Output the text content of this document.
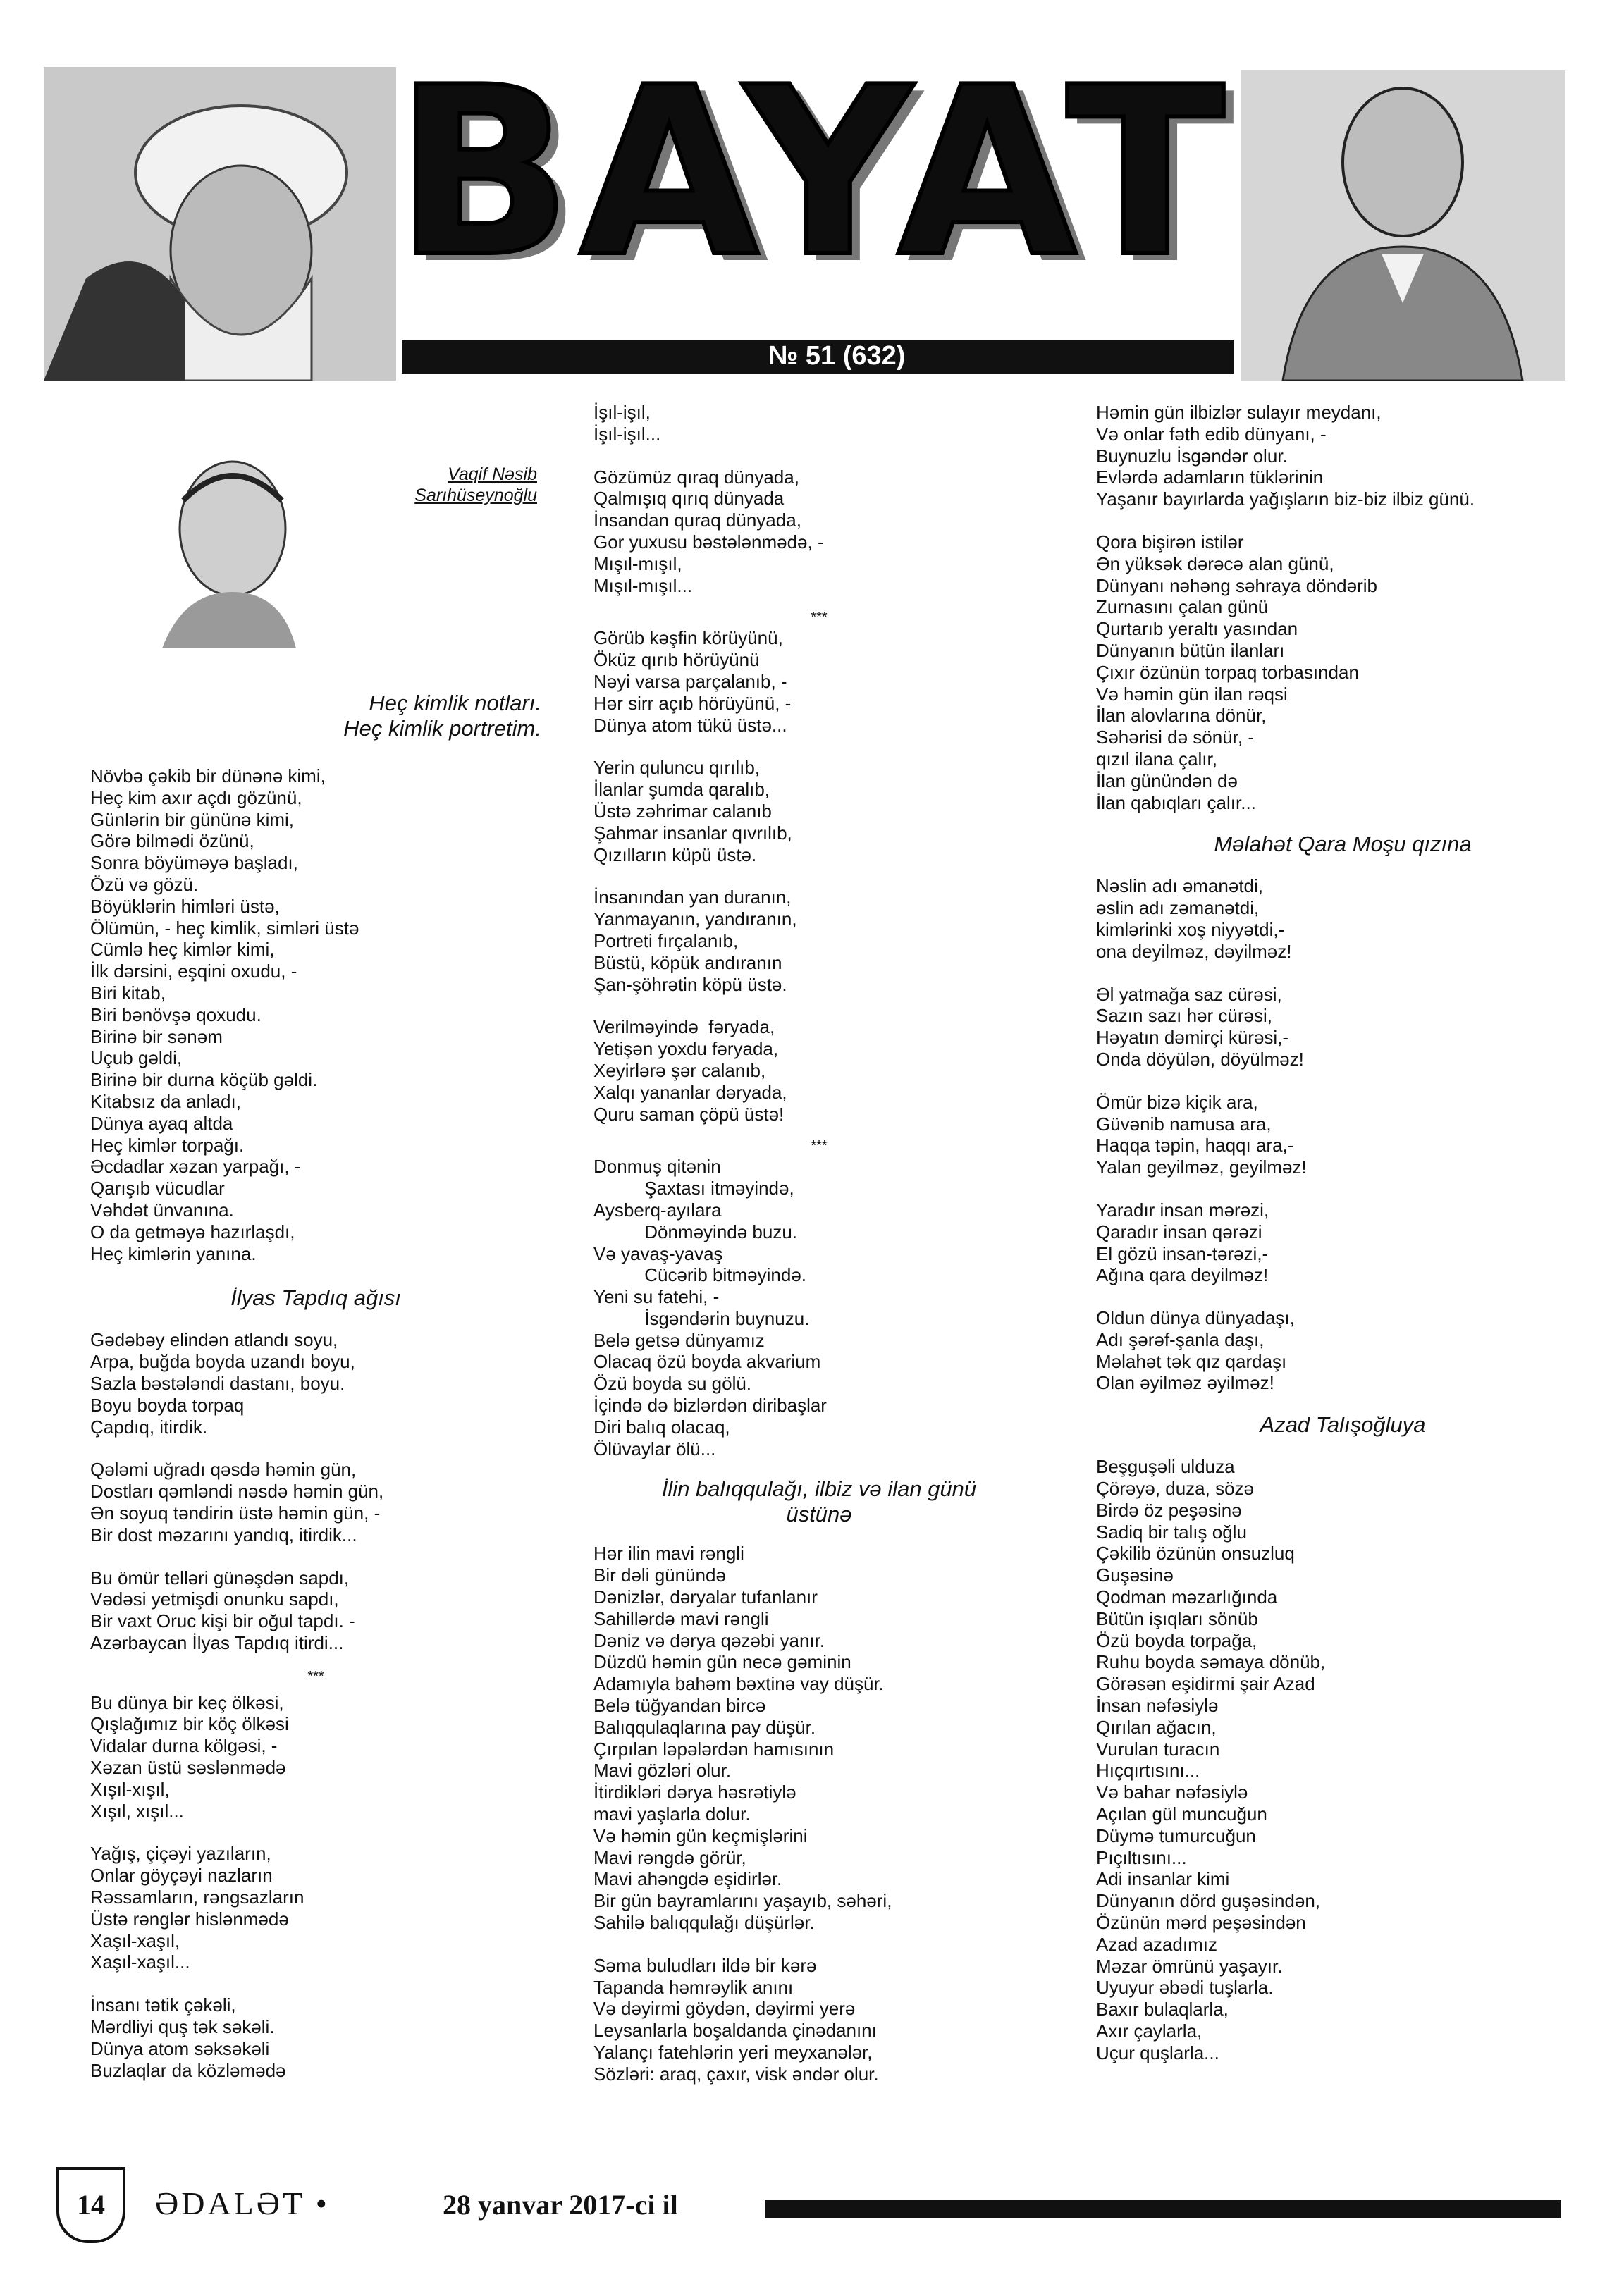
BAYAT
№ 51 (632)

Vaqif Nəsib

Sarıhüseynoğlu

Heç kimlik notları.
Heç kimlik portretim.

Növbə çəkib bir dünənə kimi,
Heç kim axır açdı gözünü,
Günlərin bir gününə kimi,
Görə bilmədi özünü,
Sonra böyüməyə başladı,
Özü və gözü.
Böyüklərin himləri üstə,
Ölümün, - heç kimlik, simləri üstə
Cümlə heç kimlər kimi,
İlk dərsini, eşqini oxudu, -
Biri kitab,
Biri bənövşə qoxudu.
Birinə bir sənəm
Uçub gəldi,
Birinə bir durna köçüb gəldi.
Kitabsız da anladı,
Dünya ayaq altda
Heç kimlər torpağı.
Əcdadlar xəzan yarpağı, -
Qarışıb vücudlar
Vəhdət ünvanına.
O da getməyə hazırlaşdı,
Heç kimlərin yanına.

İlyas Tapdıq ağısı

Gədəbəy elindən atlandı soyu,
Arpa, buğda boyda uzandı boyu,
Sazla bəstələndi dastanı, boyu.
Boyu boyda torpaq
Çapdıq, itirdik.

Qələmi uğradı qəsdə həmin gün,
Dostları qəmləndi nəsdə həmin gün,
Ən soyuq təndirin üstə həmin gün, -
Bir dost məzarını yandıq, itirdik...

Bu ömür telləri günəşdən sapdı,
Vədəsi yetmişdi onunku sapdı,
Bir vaxt Oruc kişi bir oğul tapdı. -
Azərbaycan İlyas Tapdıq itirdi...

***

Bu dünya bir keç ölkəsi,
Qışlağımız bir köç ölkəsi
Vidalar durna kölgəsi, -
Xəzan üstü səslənmədə
Xışıl-xışıl,
Xışıl, xışıl...

Yağış, çiçəyi yazıların,
Onlar göyçəyi nazların
Rəssamların, rəngsazların
Üstə rənglər hislənmədə
Xaşıl-xaşıl,
Xaşıl-xaşıl...

İnsanı tətik çəkəli,
Mərdliyi quş tək səkəli.
Dünya atom səksəkəli
Buzlaqlar da közləmədə

İşıl-işıl,
İşıl-işıl...

Gözümüz qıraq dünyada,
Qalmışıq qırıq dünyada
İnsandan quraq dünyada,
Gor yuxusu bəstələnmədə, -
Mışıl-mışıl,
Mışıl-mışıl...

***

Görüb kəşfin körüyünü,
Öküz qırıb hörüyünü
Nəyi varsa parçalanıb, -
Hər sirr açıb hörüyünü, -
Dünya atom tükü üstə...

Yerin quluncu qırılıb,
İlanlar şumda qaralıb,
Üstə zəhrimar calanıb
Şahmar insanlar qıvrılıb,
Qızılların küpü üstə.

İnsanından yan duranın,
Yanmayanın, yandıranın,
Portreti fırçalanıb,
Büstü, köpük andıranın
Şan-şöhrətin köpü üstə.

Verilməyində  fəryada,
Yetişən yoxdu fəryada,
Xeyirlərə şər calanıb,
Xalqı yananlar dəryada,
Quru saman çöpü üstə!

***

Donmuş qitənin
Şaxtası itməyində,
Aysberq-ayılara
Dönməyində buzu.
Və yavaş-yavaş
Cücərib bitməyində.
Yeni su fatehi, -
İsgəndərin buynuzu.
Belə getsə dünyamız
Olacaq özü boyda akvarium
Özü boyda su gölü.
İçində də bizlərdən diribaşlar
Diri balıq olacaq,
Ölüvaylar ölü...

İlin balıqqulağı, ilbiz və ilan günü
üstünə

Hər ilin mavi rəngli
Bir dəli günündə
Dənizlər, dəryalar tufanlanır
Sahillərdə mavi rəngli
Dəniz və dərya qəzəbi yanır.
Düzdü həmin gün necə gəminin
Adamıyla bahəm bəxtinə vay düşür.
Belə tüğyandan bircə
Balıqqulaqlarına pay düşür.
Çırpılan ləpələrdən hamısının
Mavi gözləri olur.
İtirdikləri dərya həsrətiylə
mavi yaşlarla dolur.
Və həmin gün keçmişlərini
Mavi rəngdə görür,
Mavi ahəngdə eşidirlər.
Bir gün bayramlarını yaşayıb, səhəri,
Sahilə balıqqulağı düşürlər.

Səma buludları ildə bir kərə
Tapanda həmrəylik anını
Və dəyirmi göydən, dəyirmi yerə
Leysanlarla boşaldanda çinədanını
Yalançı fatehlərin yeri meyxanələr,
Sözləri: araq, çaxır, visk əndər olur.

Həmin gün ilbizlər sulayır meydanı,
Və onlar fəth edib dünyanı, -
Buynuzlu İsgəndər olur.
Evlərdə adamların tüklərinin
Yaşanır bayırlarda yağışların biz-biz ilbiz günü.

Qora bişirən istilər
Ən yüksək dərəcə alan günü,
Dünyanı nəhəng səhraya döndərib
Zurnasını çalan günü
Qurtarıb yeraltı yasından
Dünyanın bütün ilanları
Çıxır özünün torpaq torbasından
Və həmin gün ilan rəqsi
İlan alovlarına dönür,
Səhərisi də sönür, -
qızıl ilana çalır,
İlan günündən də
İlan qabıqları çalır...

Məlahət Qara Moşu qızına

Nəslin adı əmanətdi,
əslin adı zəmanətdi,
kimlərinki xoş niyyətdi,-
ona deyilməz, dəyilməz!

Əl yatmağa saz cürəsi,
Sazın sazı hər cürəsi,
Həyatın dəmirçi kürəsi,-
Onda döyülən, döyülməz!

Ömür bizə kiçik ara,
Güvənib namusa ara,
Haqqa təpin, haqqı ara,-
Yalan geyilməz, geyilməz!

Yaradır insan mərəzi,
Qaradır insan qərəzi
El gözü insan-tərəzi,-
Ağına qara deyilməz!

Oldun dünya dünyadaşı,
Adı şərəf-şanla daşı,
Məlahət tək qız qardaşı
Olan əyilməz əyilməz!

Azad Talışoğluya

Beşguşəli ulduza
Çörəyə, duza, sözə
Birdə öz peşəsinə
Sadiq bir talış oğlu
Çəkilib özünün onsuzluq
Guşəsinə
Qodman məzarlığında
Bütün işıqları sönüb
Özü boyda torpağa,
Ruhu boyda səmaya dönüb,
Görəsən eşidirmi şair Azad
İnsan nəfəsiylə
Qırılan ağacın,
Vurulan turacın
Hıçqırtısını...
Və bahar nəfəsiylə
Açılan gül muncuğun
Düymə tumurcuğun
Pıçıltısını...
Adi insanlar kimi
Dünyanın dörd guşəsindən,
Özünün mərd peşəsindən
Azad azadımız
Məzar ömrünü yaşayır.
Uyuyur əbədi tuşlarla.
Baxır bulaqlarla,
Axır çaylarla,
Uçur quşlarla...

14	ƏDALƏT •	28 yanvar 2017-ci il
